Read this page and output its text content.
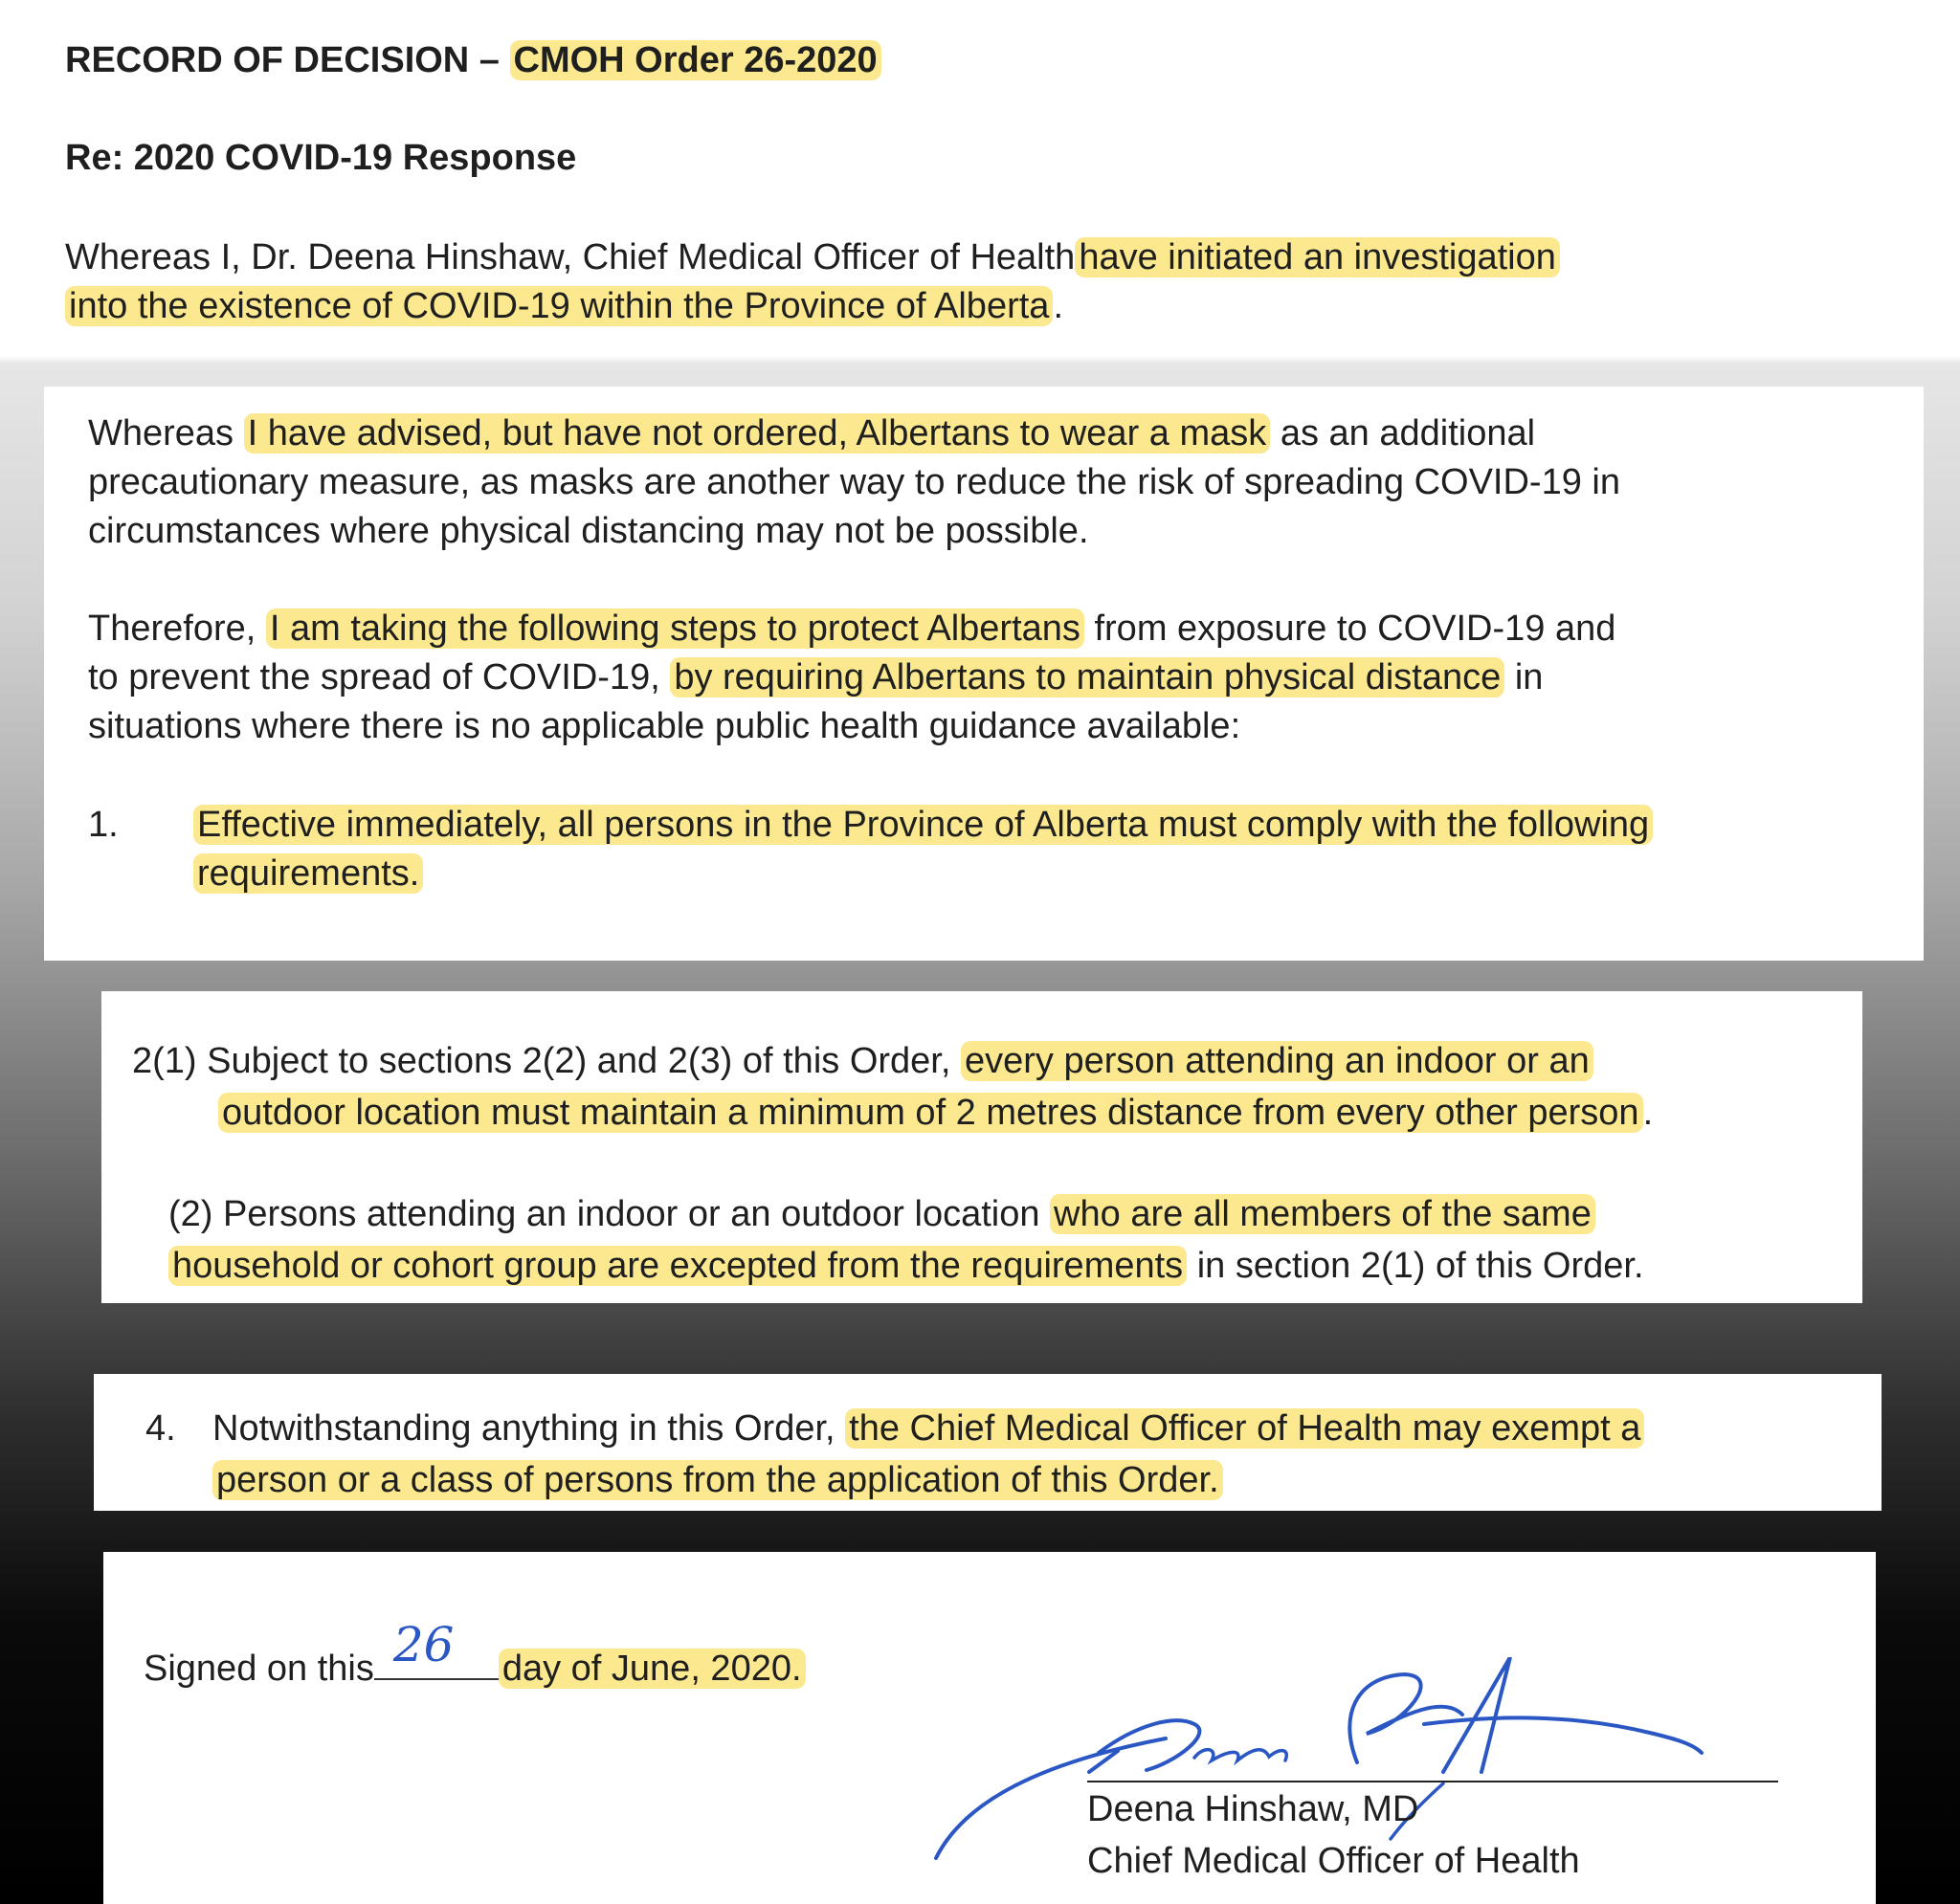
RECORD OF DECISION – CMOH Order 26-2020
Re: 2020 COVID-19 Response
Whereas I, Dr. Deena Hinshaw, Chief Medical Officer of Health have initiated an investigation
into the existence of COVID-19 within the Province of Alberta .
Whereas I have advised, but have not ordered, Albertans to wear a mask as an additional
precautionary measure, as masks are another way to reduce the risk of spreading COVID-19 in
circumstances where physical distancing may not be possible.
Therefore, I am taking the following steps to protect Albertans from exposure to COVID-19 and
to prevent the spread of COVID-19, by requiring Albertans to maintain physical distance in
situations where there is no applicable public health guidance available:
1. Effective immediately, all persons in the Province of Alberta must comply with the following
requirements.
2(1) Subject to sections 2(2) and 2(3) of this Order, every person attending an indoor or an
outdoor location must maintain a minimum of 2 metres distance from every other person .
(2) Persons attending an indoor or an outdoor location who are all members of the same
household or cohort group are excepted from the requirements in section 2(1) of this Order.
4. Notwithstanding anything in this Order, the Chief Medical Officer of Health may exempt a
person or a class of persons from the application of this Order.
Signed on this 26 day of June, 2020.
Deena Hinshaw, MD
Chief Medical Officer of Health
